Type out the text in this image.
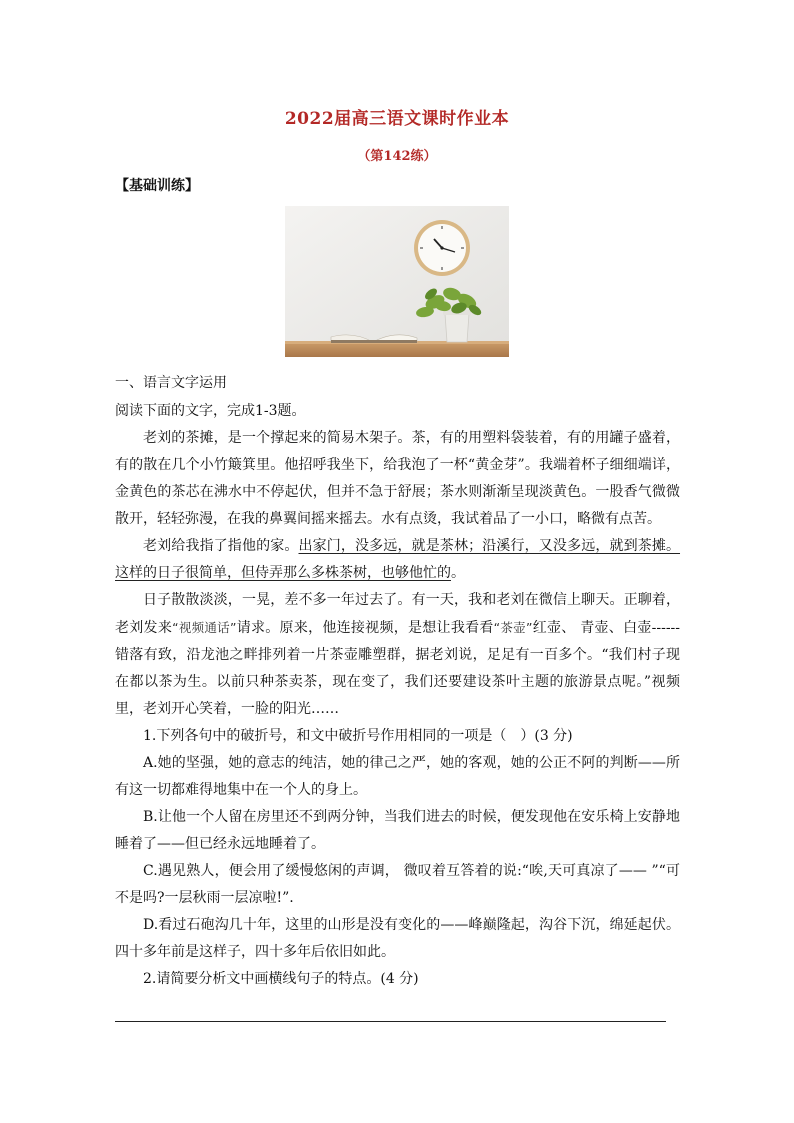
2022届高三语文课时作业本
（第142练）
【基础训练】
一、语言文字运用
阅读下面的文字，完成1-3题。

老刘的茶摊，是一个撑起来的简易木架子。茶，有的用塑料袋装着，有的用罐子盛着，有的散在几个小竹簸箕里。他招呼我坐下，给我泡了一杯“黄金芽”。我端着杯子细细端详，金黄色的茶芯在沸水中不停起伏，但并不急于舒展；茶水则渐渐呈现淡黄色。一股香气微微散开，轻轻弥漫，在我的鼻翼间摇来摇去。水有点烫，我试着品了一小口，略微有点苦。

老刘给我指了指他的家。出家门，没多远，就是茶林；沿溪行，又没多远，就到茶摊。这样的日子很简单，但侍弄那么多株茶树，也够他忙的。

日子散散淡淡，一晃，差不多一年过去了。有一天，我和老刘在微信上聊天。正聊着，老刘发来“视频通话”请求。原来，他连接视频，是想让我看看“茶壶”红壶、 青壶、白壶------错落有致，沿龙池之畔排列着一片茶壶雕塑群，据老刘说，足足有一百多个。“我们村子现在都以茶为生。以前只种茶卖茶，现在变了，我们还要建设茶叶主题的旅游景点呢。”视频里，老刘开心笑着，一脸的阳光……

1.下列各句中的破折号，和文中破折号作用相同的一项是（　）(3 分)

A.她的坚强，她的意志的纯洁，她的律己之严，她的客观，她的公正不阿的判断——所有这一切都难得地集中在一个人的身上。

B.让他一个人留在房里还不到两分钟，当我们进去的时候，便发现他在安乐椅上安静地睡着了——但已经永远地睡着了。

C.遇见熟人，便会用了缓慢悠闲的声调， 微叹着互答着的说:“唉,天可真凉了—— ”“可不是吗?一层秋雨一层凉啦!”.

D.看过石砲沟几十年，这里的山形是没有变化的——峰巅隆起，沟谷下沉，绵延起伏。四十多年前是这样子，四十多年后依旧如此。

2.请简要分析文中画横线句子的特点。(4 分)
